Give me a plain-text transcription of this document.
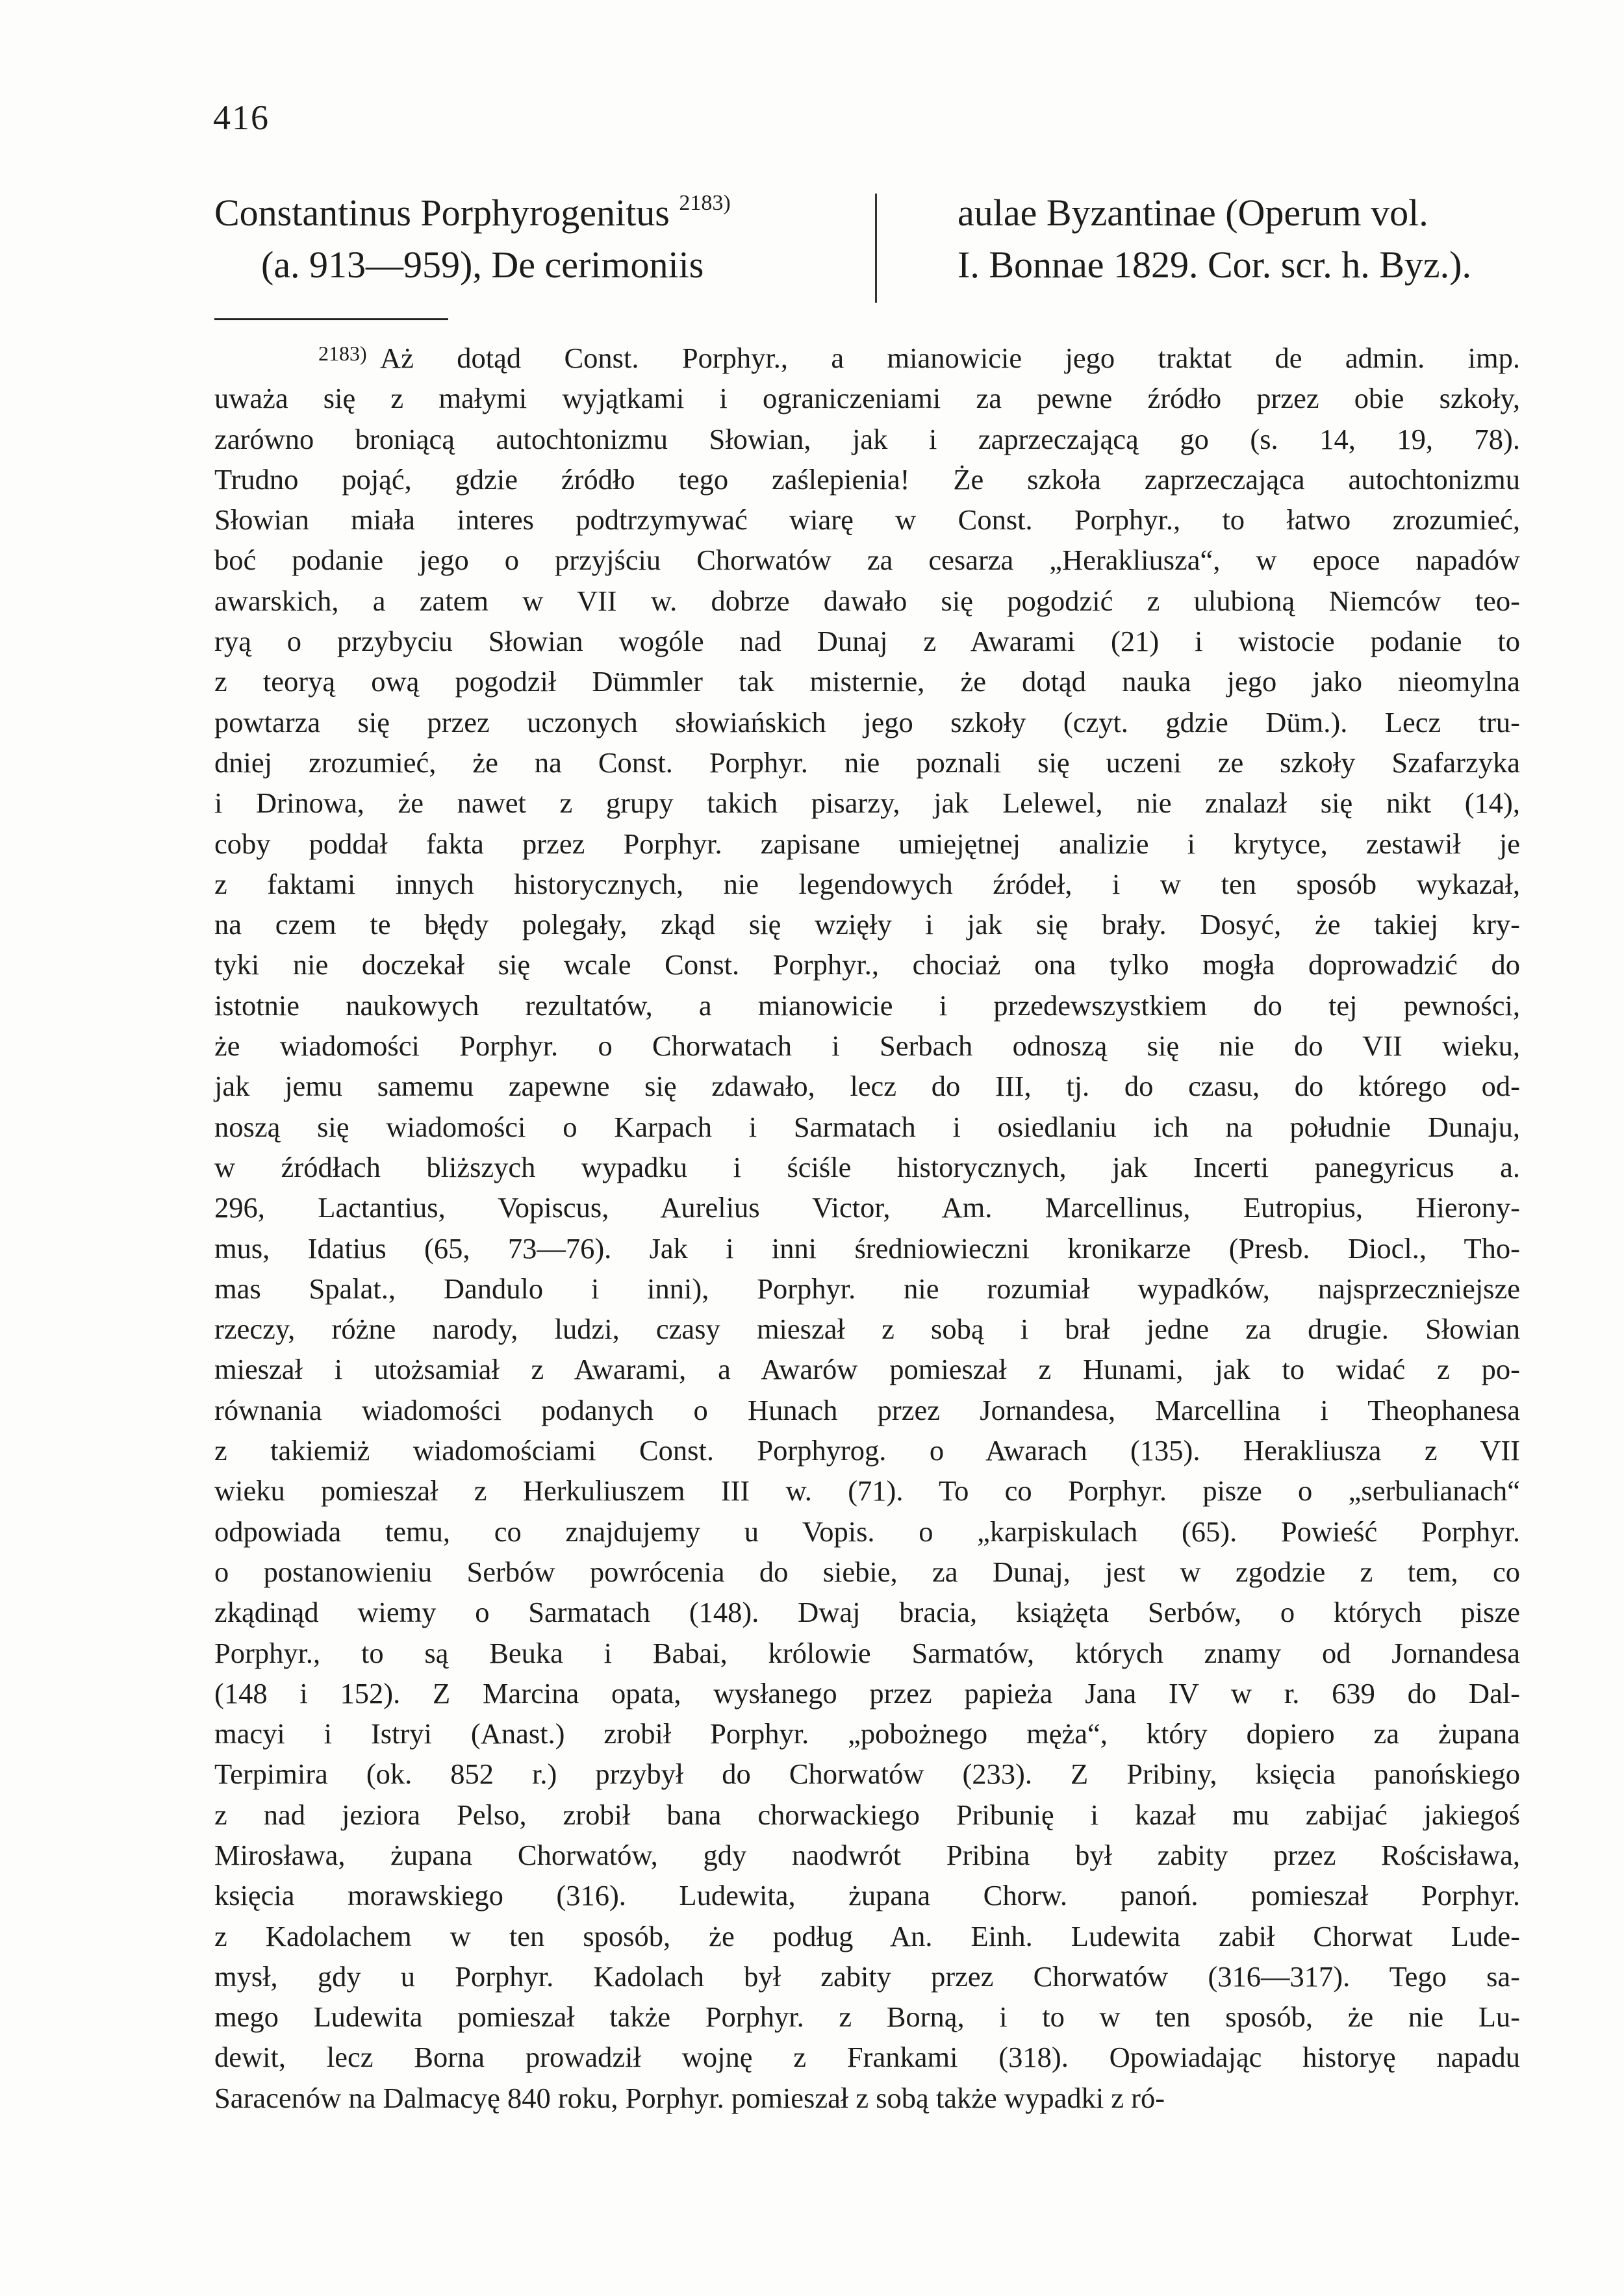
416
Constantinus Porphyrogenitus $^{2183)}$
(a. 913—959), De cerimoniis
aulae Byzantinae (Operum vol.
I. Bonnae 1829. Cor. scr. h. Byz.).
2183) Aż dotąd Const. Porphyr., a mianowicie jego traktat de admin. imp.
uważa się z małymi wyjątkami i ograniczeniami za pewne źródło przez obie szkoły,
zarówno broniącą autochtonizmu Słowian, jak i zaprzeczającą go (s. 14, 19, 78).
Trudno pojąć, gdzie źródło tego zaślepienia! Że szkoła zaprzeczająca autochtonizmu
Słowian miała interes podtrzymywać wiarę w Const. Porphyr., to łatwo zrozumieć,
boć podanie jego o przyjściu Chorwatów za cesarza „Herakliusza“, w epoce napadów
awarskich, a zatem w VII w. dobrze dawało się pogodzić z ulubioną Niemców teo-
ryą o przybyciu Słowian wogóle nad Dunaj z Awarami (21) i wistocie podanie to
z teoryą ową pogodził Dümmler tak misternie, że dotąd nauka jego jako nieomylna
powtarza się przez uczonych słowiańskich jego szkoły (czyt. gdzie Düm.). Lecz tru-
dniej zrozumieć, że na Const. Porphyr. nie poznali się uczeni ze szkoły Szafarzyka
i Drinowa, że nawet z grupy takich pisarzy, jak Lelewel, nie znalazł się nikt (14),
coby poddał fakta przez Porphyr. zapisane umiejętnej analizie i krytyce, zestawił je
z faktami innych historycznych, nie legendowych źródeł, i w ten sposób wykazał,
na czem te błędy polegały, zkąd się wzięły i jak się brały. Dosyć, że takiej kry-
tyki nie doczekał się wcale Const. Porphyr., chociaż ona tylko mogła doprowadzić do
istotnie naukowych rezultatów, a mianowicie i przedewszystkiem do tej pewności,
że wiadomości Porphyr. o Chorwatach i Serbach odnoszą się nie do VII wieku,
jak jemu samemu zapewne się zdawało, lecz do III, tj. do czasu, do którego od-
noszą się wiadomości o Karpach i Sarmatach i osiedlaniu ich na południe Dunaju,
w źródłach bliższych wypadku i ściśle historycznych, jak Incerti panegyricus a.
296, Lactantius, Vopiscus, Aurelius Victor, Am. Marcellinus, Eutropius, Hierony-
mus, Idatius (65, 73—76). Jak i inni średniowieczni kronikarze (Presb. Diocl., Tho-
mas Spalat., Dandulo i inni), Porphyr. nie rozumiał wypadków, najsprzeczniejsze
rzeczy, różne narody, ludzi, czasy mieszał z sobą i brał jedne za drugie. Słowian
mieszał i utożsamiał z Awarami, a Awarów pomieszał z Hunami, jak to widać z po-
równania wiadomości podanych o Hunach przez Jornandesa, Marcellina i Theophanesa
z takiemiż wiadomościami Const. Porphyrog. o Awarach (135). Herakliusza z VII
wieku pomieszał z Herkuliuszem III w. (71). To co Porphyr. pisze o „serbulianach“
odpowiada temu, co znajdujemy u Vopis. o „karpiskulach (65). Powieść Porphyr.
o postanowieniu Serbów powrócenia do siebie, za Dunaj, jest w zgodzie z tem, co
zkądinąd wiemy o Sarmatach (148). Dwaj bracia, książęta Serbów, o których pisze
Porphyr., to są Beuka i Babai, królowie Sarmatów, których znamy od Jornandesa
(148 i 152). Z Marcina opata, wysłanego przez papieża Jana IV w r. 639 do Dal-
macyi i Istryi (Anast.) zrobił Porphyr. „pobożnego męża“, który dopiero za żupana
Terpimira (ok. 852 r.) przybył do Chorwatów (233). Z Pribiny, księcia panońskiego
z nad jeziora Pelso, zrobił bana chorwackiego Pribunię i kazał mu zabijać jakiegoś
Mirosława, żupana Chorwatów, gdy naodwrót Pribina był zabity przez Rościsława,
księcia morawskiego (316). Ludewita, żupana Chorw. panoń. pomieszał Porphyr.
z Kadolachem w ten sposób, że podług An. Einh. Ludewita zabił Chorwat Lude-
mysł, gdy u Porphyr. Kadolach był zabity przez Chorwatów (316—317). Tego sa-
mego Ludewita pomieszał także Porphyr. z Borną, i to w ten sposób, że nie Lu-
dewit, lecz Borna prowadził wojnę z Frankami (318). Opowiadając historyę napadu
Saracenów na Dalmacyę 840 roku, Porphyr. pomieszał z sobą także wypadki z ró-
